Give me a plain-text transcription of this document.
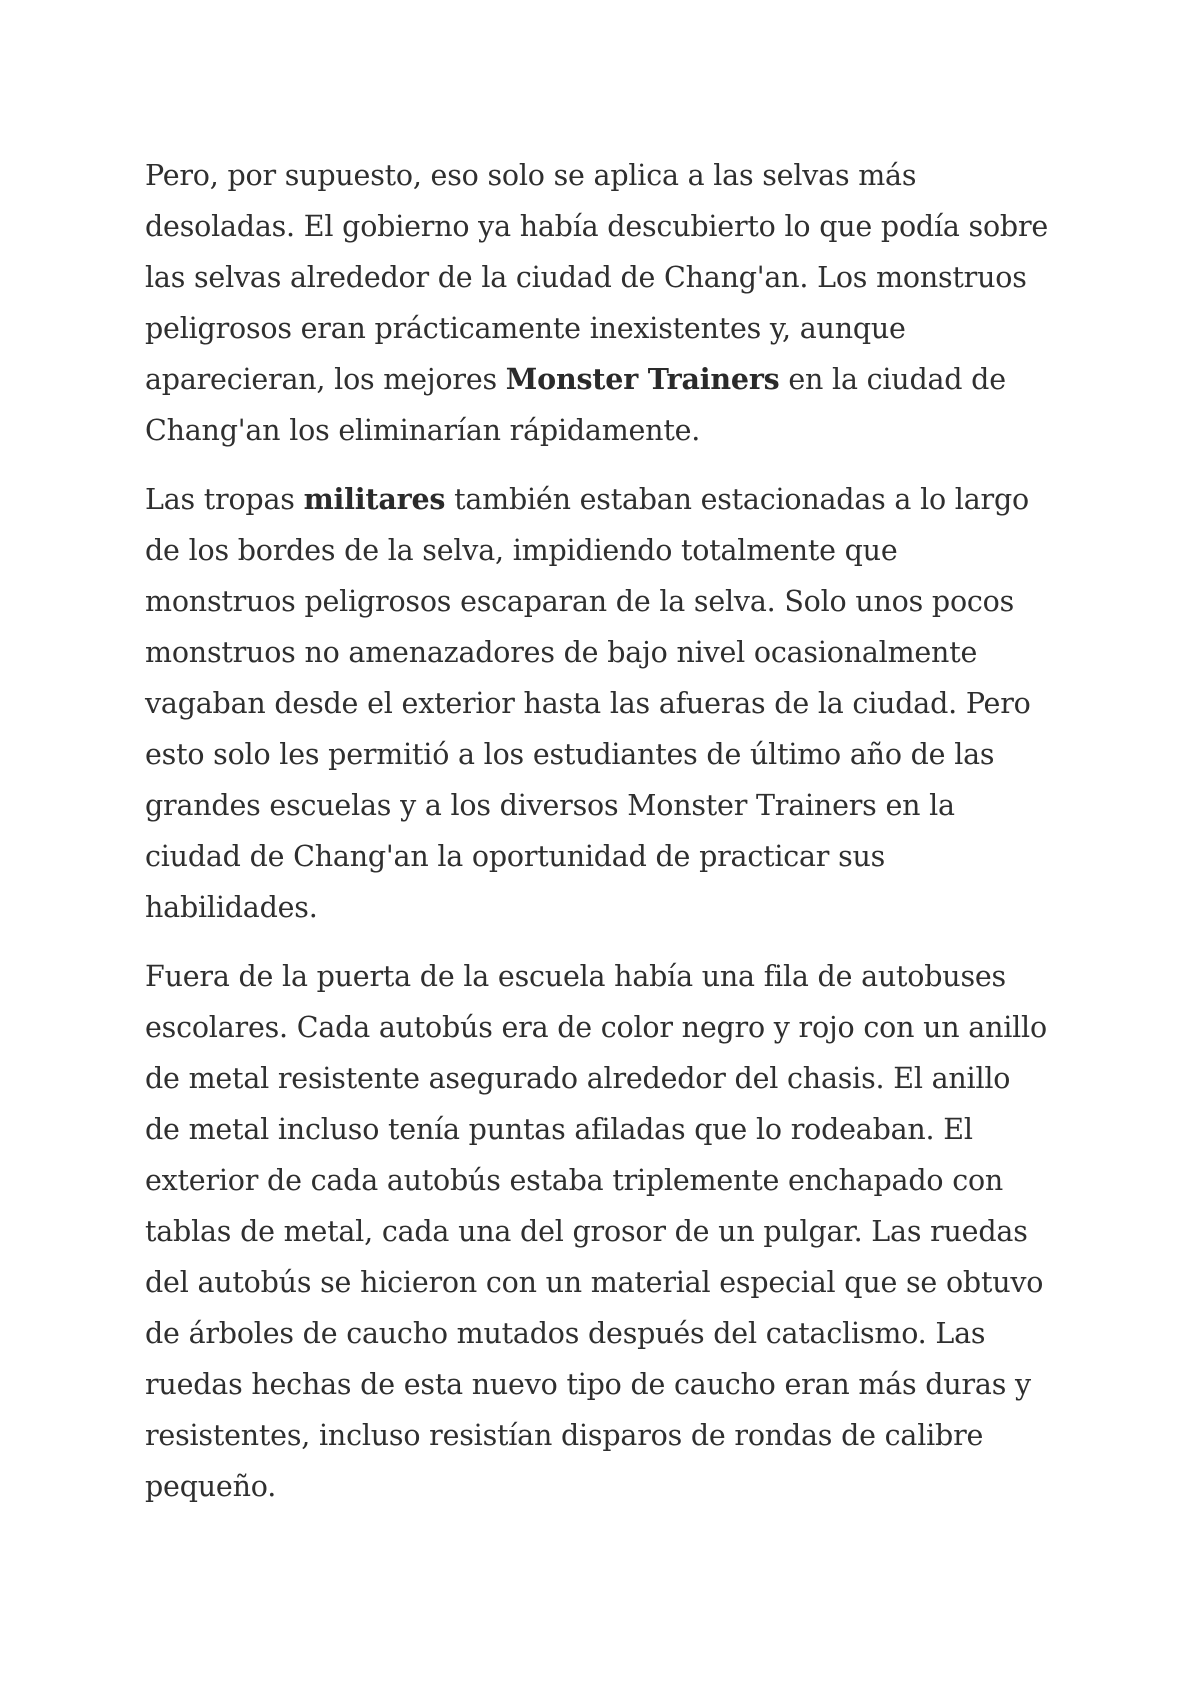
Pero, por supuesto, eso solo se aplica a las selvas más desoladas. El gobierno ya había descubierto lo que podía sobre las selvas alrededor de la ciudad de Chang'an. Los monstruos peligrosos eran prácticamente inexistentes y, aunque aparecieran, los mejores Monster Trainers en la ciudad de Chang'an los eliminarían rápidamente.

Las tropas militares también estaban estacionadas a lo largo de los bordes de la selva, impidiendo totalmente que monstruos peligrosos escaparan de la selva. Solo unos pocos monstruos no amenazadores de bajo nivel ocasionalmente vagaban desde el exterior hasta las afueras de la ciudad. Pero esto solo les permitió a los estudiantes de último año de las grandes escuelas y a los diversos Monster Trainers en la ciudad de Chang'an la oportunidad de practicar sus habilidades.

Fuera de la puerta de la escuela había una fila de autobuses escolares. Cada autobús era de color negro y rojo con un anillo de metal resistente asegurado alrededor del chasis. El anillo de metal incluso tenía puntas afiladas que lo rodeaban. El exterior de cada autobús estaba triplemente enchapado con tablas de metal, cada una del grosor de un pulgar. Las ruedas del autobús se hicieron con un material especial que se obtuvo de árboles de caucho mutados después del cataclismo. Las ruedas hechas de esta nuevo tipo de caucho eran más duras y resistentes, incluso resistían disparos de rondas de calibre pequeño.
